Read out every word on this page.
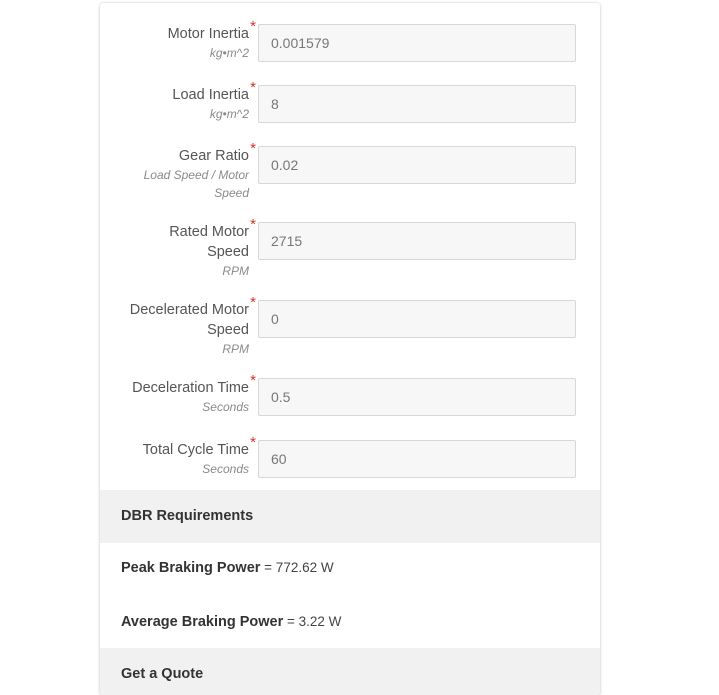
Motor Inertia *
kg•m^2
0.001579
Load Inertia *
kg•m^2
8
Gear Ratio *
Load Speed / Motor
Speed
0.02
Rated Motor *
Speed
RPM
2715
Decelerated Motor *
Speed
RPM
0
Deceleration Time *
Seconds
0.5
Total Cycle Time *
Seconds
60
DBR Requirements
Peak Braking Power = 772.62 W
Average Braking Power = 3.22 W
Get a Quote
